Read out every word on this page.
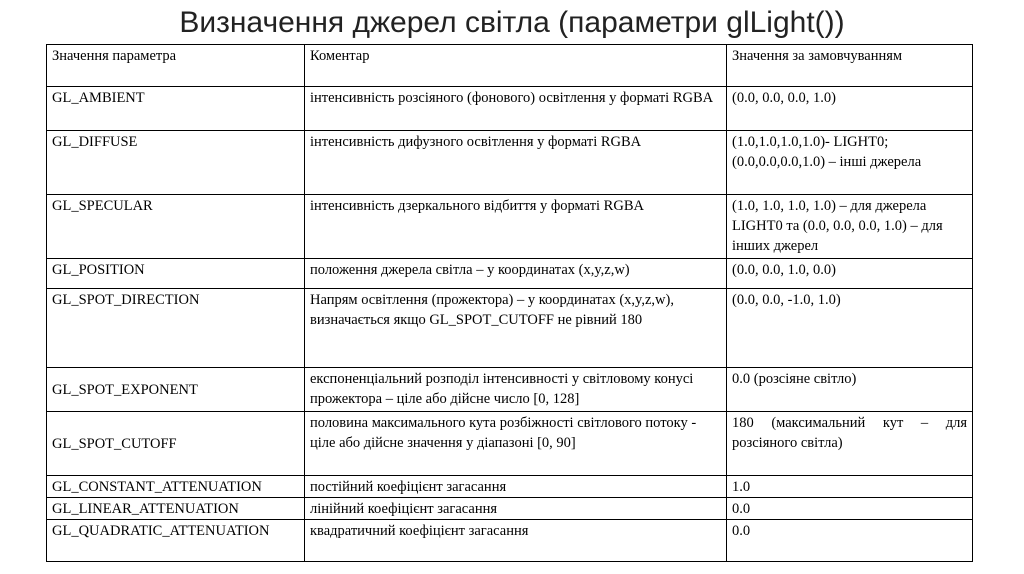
Визначення джерел світла (параметри glLight())
Значення параметра	Коментар	Значення за замовчуванням
GL_AMBIENT	інтенсивність розсіяного (фонового) освітлення у форматі RGBA	(0.0, 0.0, 0.0, 1.0)
GL_DIFFUSE	інтенсивність дифузного освітлення у форматі RGBA	(1.0,1.0,1.0,1.0)- LIGHT0; (0.0,0.0,0.0,1.0) – інші джерела
GL_SPECULAR	інтенсивність дзеркального відбиття у форматі RGBA	(1.0, 1.0, 1.0, 1.0) – для джерела LIGHT0 та (0.0, 0.0, 0.0, 1.0) – для інших джерел
GL_POSITION	положення джерела світла – у координатах (x,y,z,w)	(0.0, 0.0, 1.0, 0.0)
GL_SPOT_DIRECTION	Напрям освітлення (прожектора) – у координатах (x,y,z,w), визначається якщо GL_SPOT_CUTOFF не рівний 180	(0.0, 0.0, -1.0, 1.0)
GL_SPOT_EXPONENT	експоненціальний розподіл інтенсивності у світловому конусі прожектора – ціле або дійсне число [0, 128]	0.0 (розсіяне світло)
GL_SPOT_CUTOFF	половина максимального кута розбіжності світлового потоку - ціле або дійсне значення у діапазоні [0, 90]	180 (максимальний кут – для розсіяного світла)
GL_CONSTANT_ATTENUATION	постійний коефіцієнт загасання	1.0
GL_LINEAR_ATTENUATION	лінійний коефіцієнт загасання	0.0
GL_QUADRATIC_ATTENUATION	квадратичний коефіцієнт загасання	0.0
